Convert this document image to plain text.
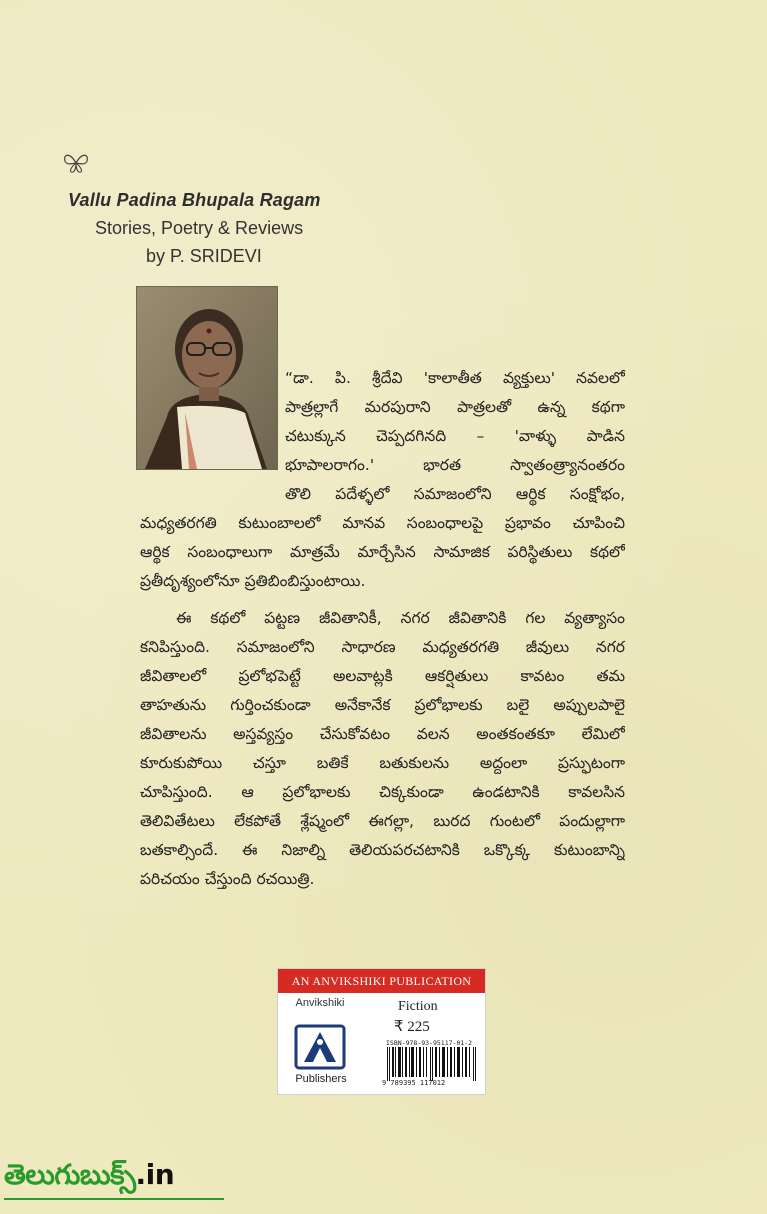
Vallu Padina Bhupala Ragam
Stories, Poetry & Reviews
by P. SRIDEVI
“డా. పి. శ్రీదేవి 'కాలాతీత వ్యక్తులు' నవలలో
పాత్రల్లాగే మరపురాని పాత్రలతో ఉన్న కథగా
చటుక్కున చెప్పదగినది – 'వాళ్ళు పాడిన
భూపాలరాగం.' భారత స్వాతంత్ర్యానంతరం
తొలి పదేళ్ళలో సమాజంలోని ఆర్థిక సంక్షోభం,
మధ్యతరగతి కుటుంబాలలో మానవ సంబంధాలపై ప్రభావం చూపించి
ఆర్థిక సంబంధాలుగా మాత్రమే మార్చేసిన సామాజిక పరిస్థితులు కథలో
ప్రతీదృశ్యంలోనూ ప్రతిబింబిస్తుంటాయి.
ఈ కథలో పట్టణ జీవితానికీ, నగర జీవితానికి గల వ్యత్యాసం
కనిపిస్తుంది. సమాజంలోని సాధారణ మధ్యతరగతి జీవులు నగర
జీవితాలలో ప్రలోభపెట్టే అలవాట్లకి ఆకర్షితులు కావటం తమ
తాహతును గుర్తించకుండా అనేకానేక ప్రలోభాలకు బలై అప్పులపాలై
జీవితాలను అస్తవ్యస్తం చేసుకోవటం వలన అంతకంతకూ లేమిలో
కూరుకుపోయి చస్తూ బతికే బతుకులను అద్దంలా ప్రస్ఫుటంగా
చూపిస్తుంది. ఆ ప్రలోభాలకు చిక్కకుండా ఉండటానికి కావలసిన
తెలివితేటలు లేకపోతే శ్లేష్మంలో ఈగల్లా, బురద గుంటలో పందుల్లాగా
బతకాల్సిందే. ఈ నిజాల్ని తెలియపరచటానికి ఒక్కొక్క కుటుంబాన్ని
పరిచయం చేస్తుంది రచయిత్రి.
AN ANVIKSHIKI PUBLICATION
Anvikshiki
Publishers
Fiction
₹ 225
ISBN-978-93-95117-01-2
9 789395 117012
తెలుగుబుక్స్.in
